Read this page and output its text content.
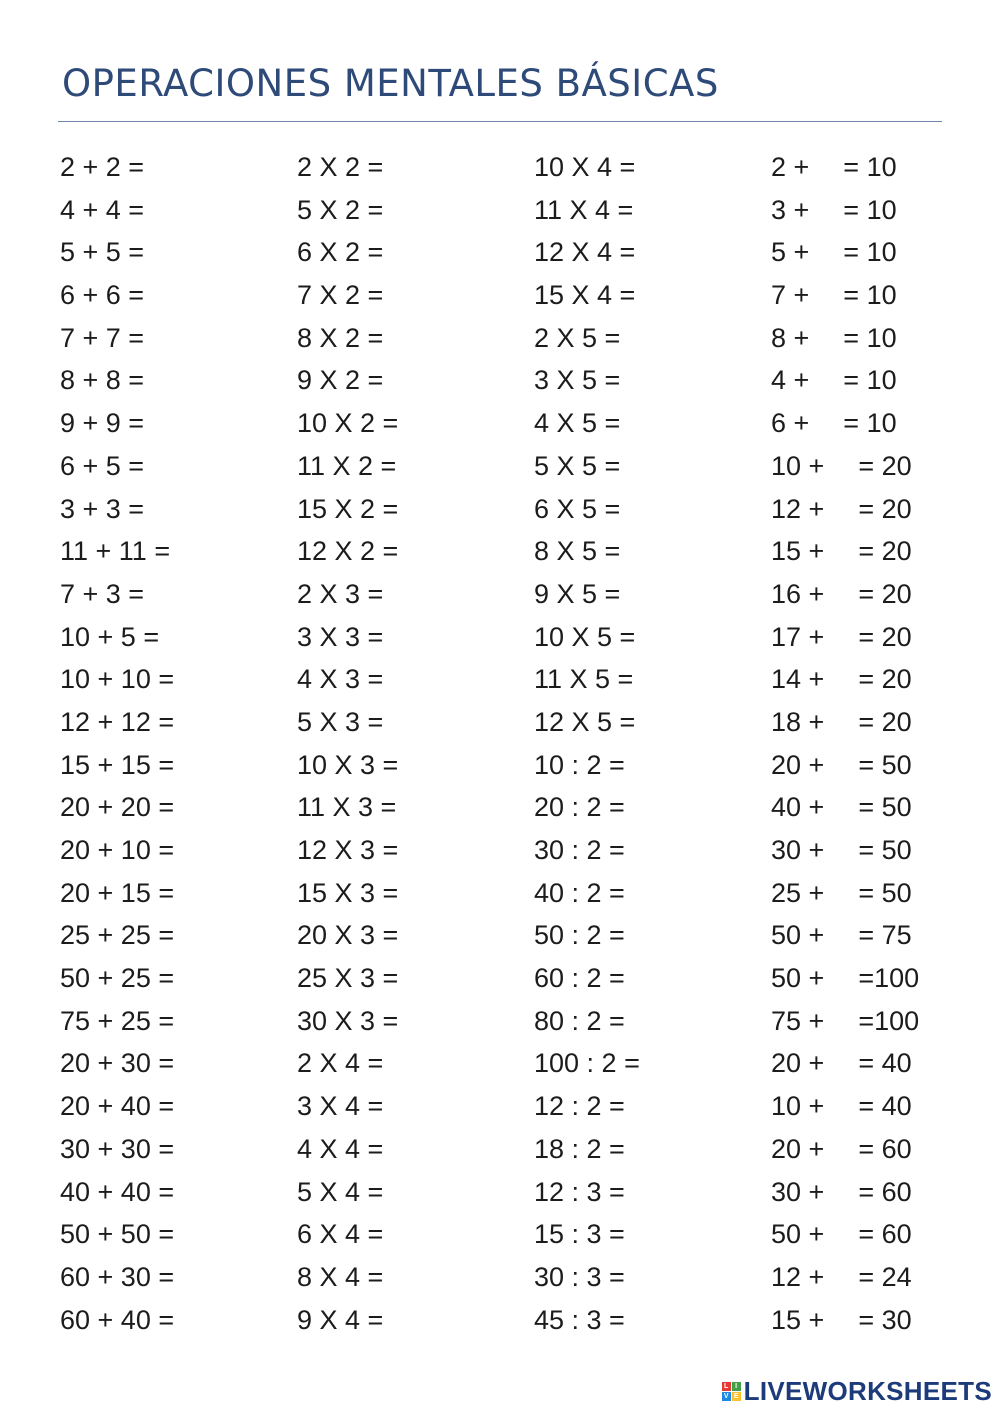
OPERACIONES MENTALES BÁSICAS
2 + 2 =
4 + 4 =
5 + 5 =
6 + 6 =
7 + 7 =
8 + 8 =
9 + 9 =
6 + 5 =
3 + 3 =
11 + 11 =
7 + 3 =
10 + 5 =
10 + 10 =
12 + 12 =
15 + 15 =
20 + 20 =
20 + 10 =
20 + 15 =
25 + 25 =
50 + 25 =
75 + 25 =
20 + 30 =
20 + 40 =
30 + 30 =
40 + 40 =
50 + 50 =
60 + 30 =
60 + 40 =
2 X 2 =
5 X 2 =
6 X 2 =
7 X 2 =
8 X 2 =
9 X 2 =
10 X 2 =
11 X 2 =
15 X 2 =
12 X 2 =
2 X 3 =
3 X 3 =
4 X 3 =
5 X 3 =
10 X 3 =
11 X 3 =
12 X 3 =
15 X 3 =
20 X 3 =
25 X 3 =
30 X 3 =
2 X 4 =
3 X 4 =
4 X 4 =
5 X 4 =
6 X 4 =
8 X 4 =
9 X 4 =
10 X 4 =
11 X 4 =
12 X 4 =
15 X 4 =
2 X 5 =
3 X 5 =
4 X 5 =
5 X 5 =
6 X 5 =
8 X 5 =
9 X 5 =
10 X 5 =
11 X 5 =
12 X 5 =
10 : 2 =
20 : 2 =
30 : 2 =
40 : 2 =
50 : 2 =
60 : 2 =
80 : 2 =
100 : 2 =
12 : 2 =
18 : 2 =
12 : 3 =
15 : 3 =
30 : 3 =
45 : 3 =
2 + = 10
3 + = 10
5 + = 10
7 + = 10
8 + = 10
4 + = 10
6 + = 10
10 + = 20
12 + = 20
15 + = 20
16 + = 20
17 + = 20
14 + = 20
18 + = 20
20 + = 50
40 + = 50
30 + = 50
25 + = 50
50 + = 75
50 + =100
75 + =100
20 + = 40
10 + = 40
20 + = 60
30 + = 60
50 + = 60
12 + = 24
15 + = 30
L I
V E LIVEWORKSHEETS
